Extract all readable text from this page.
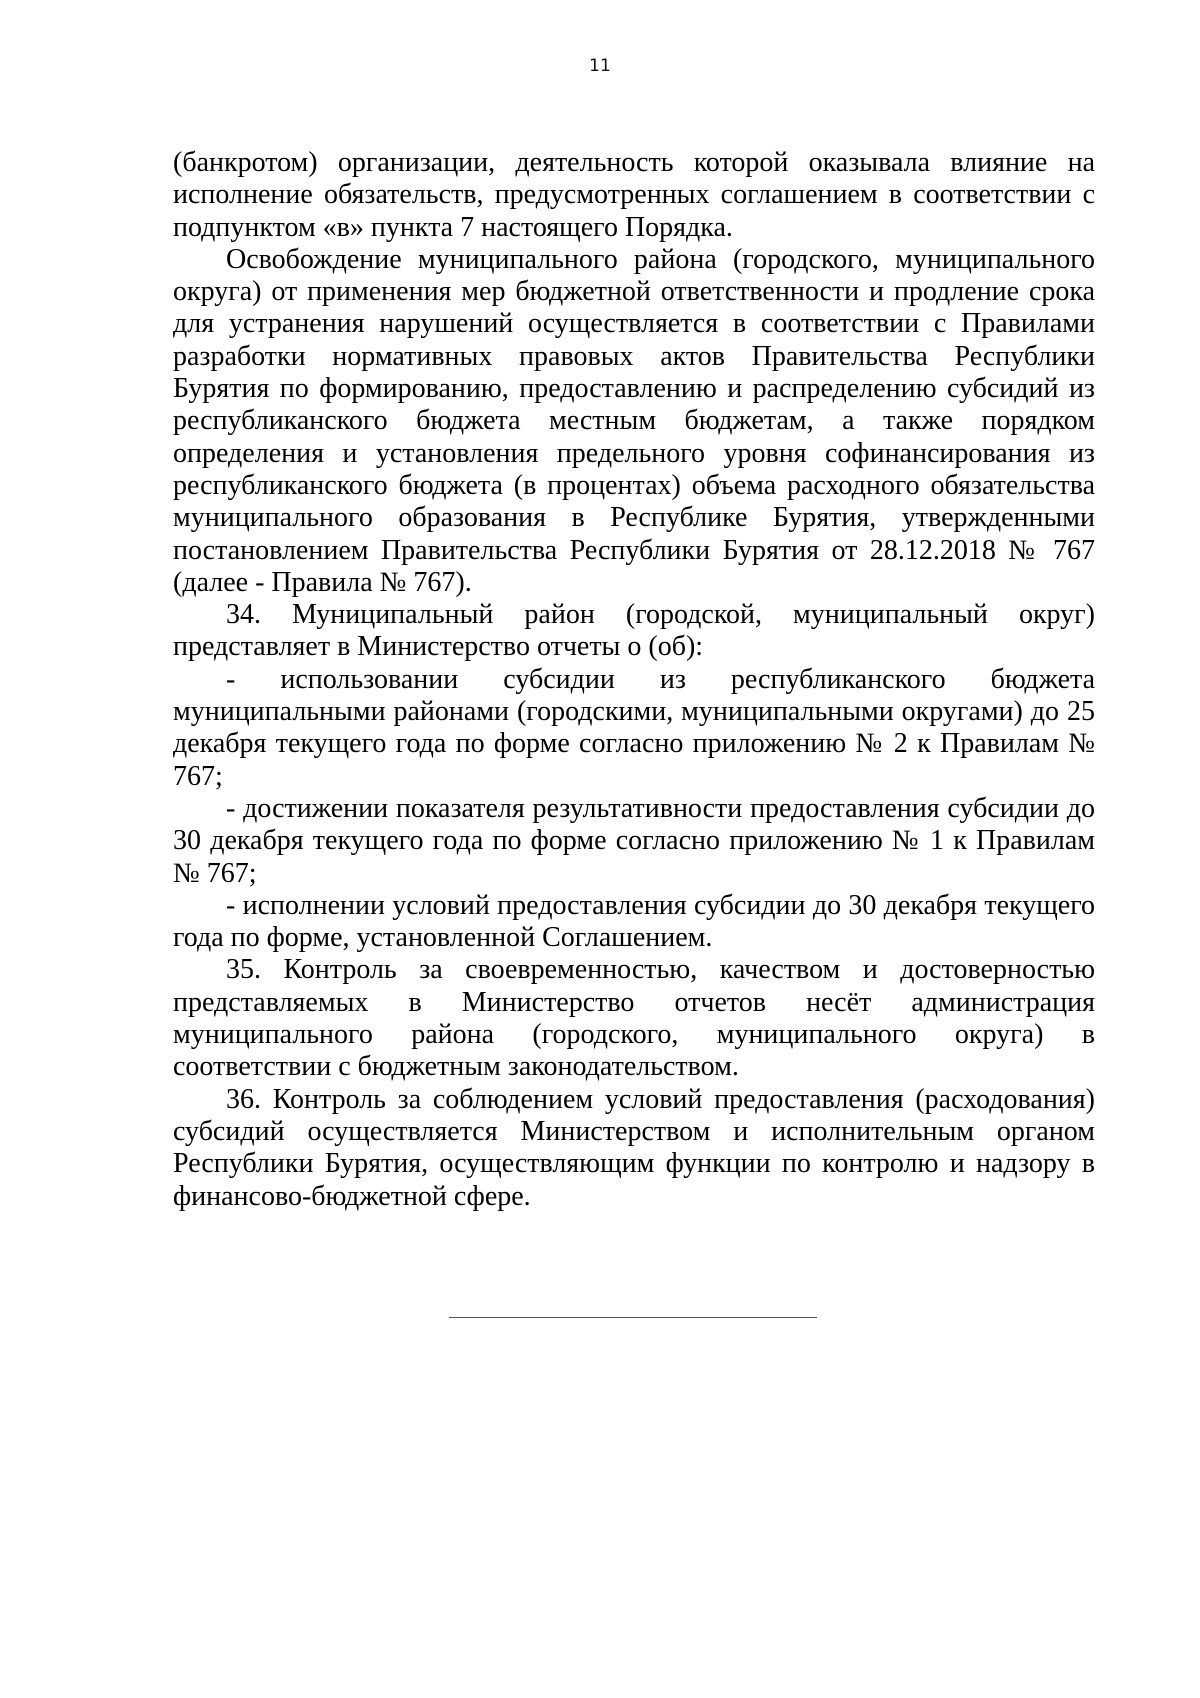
11

(банкротом) организации, деятельность которой оказывала влияние на исполнение обязательств, предусмотренных соглашением в соответствии с подпунктом «в» пункта 7 настоящего Порядка.

Освобождение муниципального района (городского, муниципального округа) от применения мер бюджетной ответственности и продление срока для устранения нарушений осуществляется в соответствии с Правилами разработки нормативных правовых актов Правительства Республики Бурятия по формированию, предоставлению и распределению субсидий из республиканского бюджета местным бюджетам, а также порядком определения и установления предельного уровня софинансирования из республиканского бюджета (в процентах) объема расходного обязательства муниципального образования в Республике Бурятия, утвержденными постановлением Правительства Республики Бурятия от 28.12.2018 № 767 (далее - Правила № 767).

34. Муниципальный район (городской, муниципальный округ) представляет в Министерство отчеты о (об):

- использовании субсидии из республиканского бюджета муниципальными районами (городскими, муниципальными округами) до 25 декабря текущего года по форме согласно приложению № 2 к Правилам № 767;

- достижении показателя результативности предоставления субсидии до 30 декабря текущего года по форме согласно приложению № 1 к Правилам № 767;

- исполнении условий предоставления субсидии до 30 декабря текущего года по форме, установленной Соглашением.

35. Контроль за своевременностью, качеством и достоверностью представляемых в Министерство отчетов несёт администрация муниципального района (городского, муниципального округа) в соответствии с бюджетным законодательством.

36. Контроль за соблюдением условий предоставления (расходования) субсидий осуществляется Министерством и исполнительным органом Республики Бурятия, осуществляющим функции по контролю и надзору в финансово-бюджетной сфере.
